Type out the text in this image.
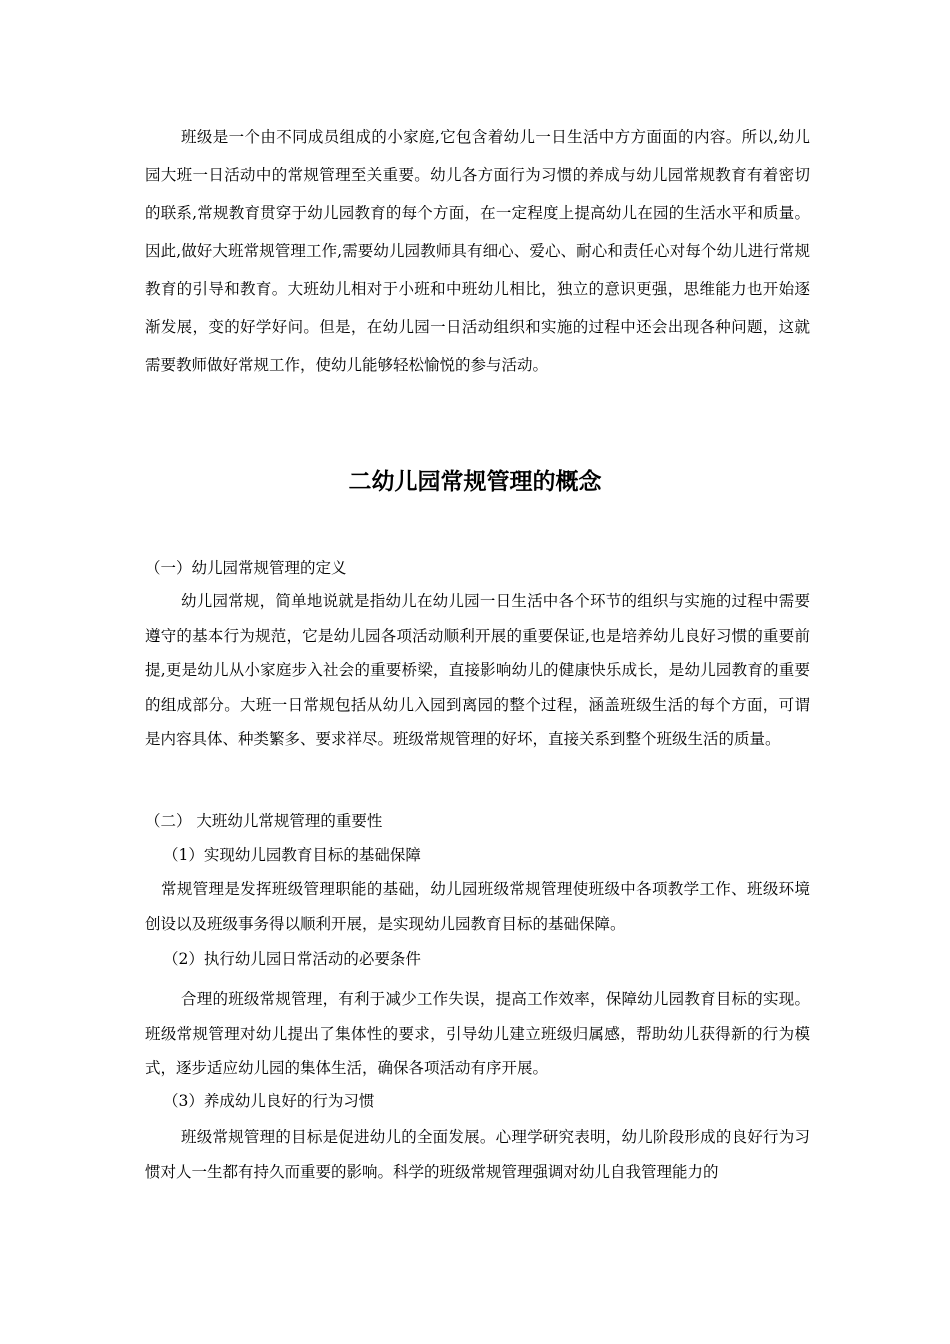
班级是一个由不同成员组成的小家庭,它包含着幼儿一日生活中方方面面的内容。所以,幼儿园大班一日活动中的常规管理至关重要。幼儿各方面行为习惯的养成与幼儿园常规教育有着密切的联系,常规教育贯穿于幼儿园教育的每个方面，在一定程度上提高幼儿在园的生活水平和质量。因此,做好大班常规管理工作,需要幼儿园教师具有细心、爱心、耐心和责任心对每个幼儿进行常规教育的引导和教育。大班幼儿相对于小班和中班幼儿相比，独立的意识更强，思维能力也开始逐渐发展，变的好学好问。但是，在幼儿园一日活动组织和实施的过程中还会出现各种问题，这就需要教师做好常规工作，使幼儿能够轻松愉悦的参与活动。

二幼儿园常规管理的概念

（一）幼儿园常规管理的定义

幼儿园常规，简单地说就是指幼儿在幼儿园一日生活中各个环节的组织与实施的过程中需要遵守的基本行为规范，它是幼儿园各项活动顺利开展的重要保证,也是培养幼儿良好习惯的重要前提,更是幼儿从小家庭步入社会的重要桥梁，直接影响幼儿的健康快乐成长，是幼儿园教育的重要的组成部分。大班一日常规包括从幼儿入园到离园的整个过程，涵盖班级生活的每个方面，可谓是内容具体、种类繁多、要求祥尽。班级常规管理的好坏，直接关系到整个班级生活的质量。

（二） 大班幼儿常规管理的重要性

（1）实现幼儿园教育目标的基础保障

常规管理是发挥班级管理职能的基础，幼儿园班级常规管理使班级中各项教学工作、班级环境创设以及班级事务得以顺利开展，是实现幼儿园教育目标的基础保障。

（2）执行幼儿园日常活动的必要条件

合理的班级常规管理，有利于减少工作失误，提高工作效率，保障幼儿园教育目标的实现。班级常规管理对幼儿提出了集体性的要求，引导幼儿建立班级归属感，帮助幼儿获得新的行为模式，逐步适应幼儿园的集体生活，确保各项活动有序开展。

（3）养成幼儿良好的行为习惯

班级常规管理的目标是促进幼儿的全面发展。心理学研究表明，幼儿阶段形成的良好行为习惯对人一生都有持久而重要的影响。科学的班级常规管理强调对幼儿自我管理能力的
